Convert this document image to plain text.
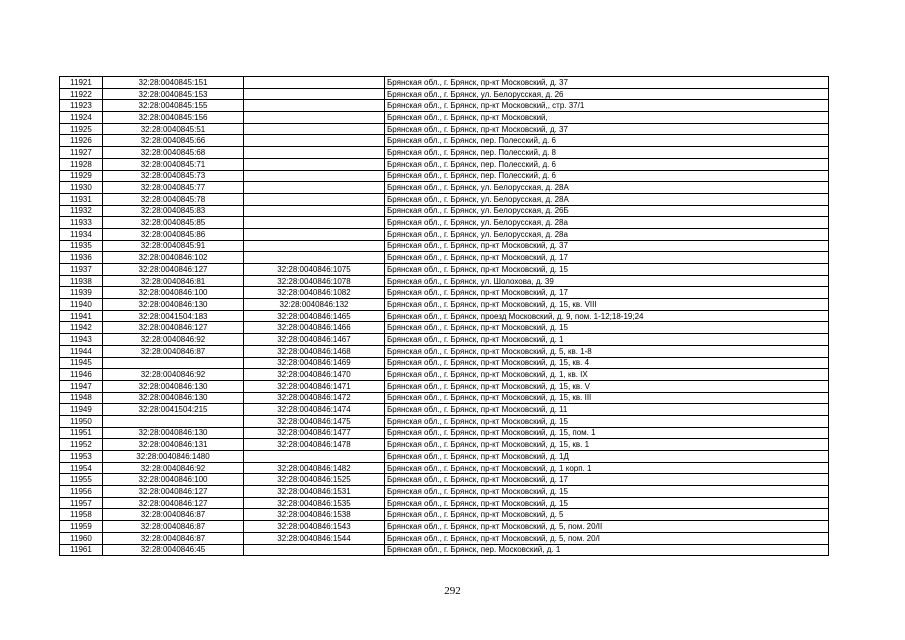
11921	32:28:0040845:151		Брянская обл., г. Брянск, пр-кт Московский, д. 37
11922	32:28:0040845:153		Брянская обл., г. Брянск, ул. Белорусская, д. 26
11923	32:28:0040845:155		Брянская обл., г. Брянск, пр-кт Московский,, стр. 37/1
11924	32:28:0040845:156		Брянская обл., г. Брянск, пр-кт Московский,
11925	32:28:0040845:51		Брянская обл., г. Брянск, пр-кт Московский, д. 37
11926	32:28:0040845:66		Брянская обл., г. Брянск, пер. Полесский, д. 6
11927	32:28:0040845:68		Брянская обл., г. Брянск, пер. Полесский, д. 8
11928	32:28:0040845:71		Брянская обл., г. Брянск, пер. Полесский, д. 6
11929	32:28:0040845:73		Брянская обл., г. Брянск, пер. Полесский, д. 6
11930	32:28:0040845:77		Брянская обл., г. Брянск, ул. Белорусская, д. 28А
11931	32:28:0040845:78		Брянская обл., г. Брянск, ул. Белорусская, д. 28А
11932	32:28:0040845:83		Брянская обл., г. Брянск, ул. Белорусская, д. 26Б
11933	32:28:0040845:85		Брянская обл., г. Брянск, ул. Белорусская, д. 28а
11934	32:28:0040845:86		Брянская обл., г. Брянск, ул. Белорусская, д. 28а
11935	32:28:0040845:91		Брянская обл., г. Брянск, пр-кт Московский, д. 37
11936	32:28:0040846:102		Брянская обл., г. Брянск, пр-кт Московский, д. 17
11937	32:28:0040846:127	32:28:0040846:1075	Брянская обл., г. Брянск, пр-кт Московский, д. 15
11938	32:28:0040846:81	32:28:0040846:1078	Брянская обл., г. Брянск, ул. Шолохова, д. 39
11939	32:28:0040846:100	32:28:0040846:1082	Брянская обл., г. Брянск, пр-кт Московский, д. 17
11940	32:28:0040846:130	32:28:0040846:132	Брянская обл., г. Брянск, пр-кт Московский, д. 15, кв. VIII
11941	32:28:0041504:183	32:28:0040846:1465	Брянская обл., г. Брянск, проезд Московский, д. 9, пом. 1-12;18-19;24
11942	32:28:0040846:127	32:28:0040846:1466	Брянская обл., г. Брянск, пр-кт Московский, д. 15
11943	32:28:0040846:92	32:28:0040846:1467	Брянская обл., г. Брянск, пр-кт Московский, д. 1
11944	32:28:0040846:87	32:28:0040846:1468	Брянская обл., г. Брянск, пр-кт Московский, д. 5, кв. 1-8
11945		32:28:0040846:1469	Брянская обл., г. Брянск, пр-кт Московский, д. 15, кв. 4
11946	32:28:0040846:92	32:28:0040846:1470	Брянская обл., г. Брянск, пр-кт Московский, д. 1, кв. IX
11947	32:28:0040846:130	32:28:0040846:1471	Брянская обл., г. Брянск, пр-кт Московский, д. 15, кв. V
11948	32:28:0040846:130	32:28:0040846:1472	Брянская обл., г. Брянск, пр-кт Московский, д. 15, кв. III
11949	32:28:0041504:215	32:28:0040846:1474	Брянская обл., г. Брянск, пр-кт Московский, д. 11
11950		32:28:0040846:1475	Брянская обл., г. Брянск, пр-кт Московский, д. 15
11951	32:28:0040846:130	32:28:0040846:1477	Брянская обл., г. Брянск, пр-кт Московский, д. 15, пом. 1
11952	32:28:0040846:131	32:28:0040846:1478	Брянская обл., г. Брянск, пр-кт Московский, д. 15, кв. 1
11953	32:28:0040846:1480		Брянская обл., г. Брянск, пр-кт Московский, д. 1Д
11954	32:28:0040846:92	32:28:0040846:1482	Брянская обл., г. Брянск, пр-кт Московский, д. 1 корп. 1
11955	32:28:0040846:100	32:28:0040846:1525	Брянская обл., г. Брянск, пр-кт Московский, д. 17
11956	32:28:0040846:127	32:28:0040846:1531	Брянская обл., г. Брянск, пр-кт Московский, д. 15
11957	32:28:0040846:127	32:28:0040846:1535	Брянская обл., г. Брянск, пр-кт Московский, д. 15
11958	32:28:0040846:87	32:28:0040846:1538	Брянская обл., г. Брянск, пр-кт Московский, д. 5
11959	32:28:0040846:87	32:28:0040846:1543	Брянская обл., г. Брянск, пр-кт Московский, д. 5, пом. 20/II
11960	32:28:0040846:87	32:28:0040846:1544	Брянская обл., г. Брянск, пр-кт Московский, д. 5, пом. 20/I
11961	32:28:0040846:45		Брянская обл., г. Брянск, пер. Московский, д. 1
292
